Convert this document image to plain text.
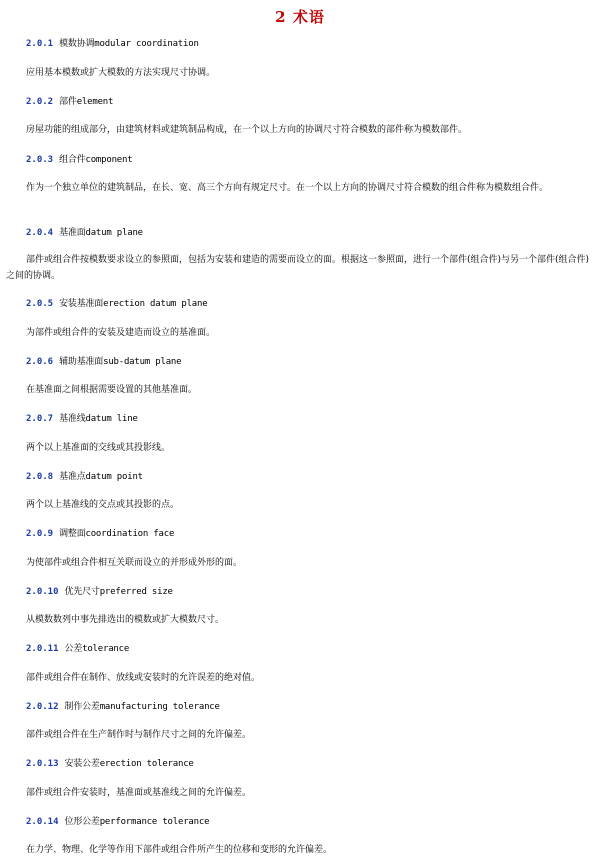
2 术语
2.0.1 模数协调modular coordination
应用基本模数或扩大模数的方法实现尺寸协调。
2.0.2 部件element
房屋功能的组成部分，由建筑材料或建筑制品构成，在一个以上方向的协调尺寸符合模数的部件称为模数部件。
2.0.3 组合件component
作为一个独立单位的建筑制品，在长、宽、高三个方向有规定尺寸。在一个以上方向的协调尺寸符合模数的组合件称为模数组合件。
2.0.4 基准面datum plane
部件或组合件按模数要求设立的参照面，包括为安装和建造的需要而设立的面。根据这一参照面，进行一个部件(组合件)与另一个部件(组合件)之间的协调。
2.0.5 安装基准面erection datum plane
为部件或组合件的安装及建造而设立的基准面。
2.0.6 辅助基准面sub-datum plane
在基准面之间根据需要设置的其他基准面。
2.0.7 基准线datum line
两个以上基准面的交线或其投影线。
2.0.8 基准点datum point
两个以上基准线的交点或其投影的点。
2.0.9 调整面coordination face
为使部件或组合件相互关联而设立的并形成外形的面。
2.0.10 优先尺寸preferred size
从模数数列中事先排选出的模数或扩大模数尺寸。
2.0.11 公差tolerance
部件或组合件在制作、放线或安装时的允许误差的绝对值。
2.0.12 制作公差manufacturing tolerance
部件或组合件在生产制作时与制作尺寸之间的允许偏差。
2.0.13 安装公差erection tolerance
部件或组合件安装时，基准面或基准线之间的允许偏差。
2.0.14 位形公差performance tolerance
在力学、物理、化学等作用下部件或组合件所产生的位移和变形的允许偏差。
